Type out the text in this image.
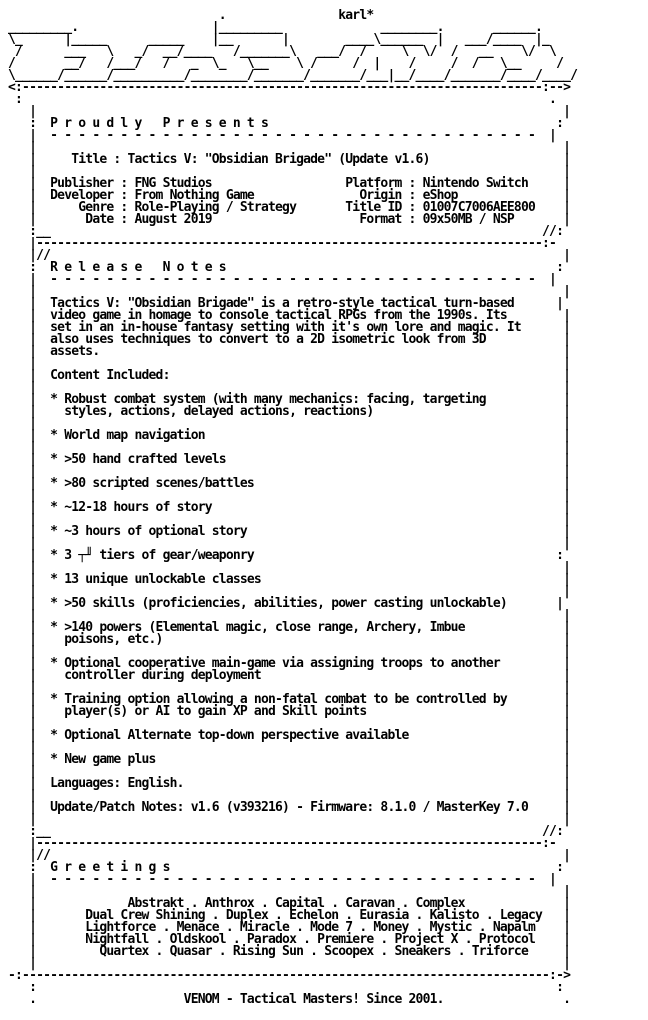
.                karl*
_________.                   |_________              ________.       ______.
\_      |_____      _____    |__       |        ____\______  |   ___/____  |_
/      ___   \   _/  __/____   /_______\   ___/  /     \  \/  /   __    \/  \
/       __/   /___/   /   _  \_   \__    \ /     /  |    /     /  /   \__     /
\______/______/__________/________/_______/_______/___|__/____/_______/____/____/
<:--------------------------------------------------------------------------:-->
:                                                                           .
|                                                                           |
:  P r o u d l y   P r e s e n t s                                         :
|  - - - - - - - - - - - - - - - - - - - - - - - - - - - - - - - - - - -  |
|                                                                           |
|     Title : Tactics V: "Obsidian Brigade" (Update v1.6)                   |
|                                                                           |
|  Publisher : FNG Studios                   Platform : Nintendo Switch     |
|  Developer : From Nothing Game               Origin : eShop               |
|      Genre : Role-Playing / Strategy       Title ID : 01007C7006AEE800    |
|       Date : August 2019                     Format : 09x50MB / NSP       |
:__                                                                      //:
|------------------------------------------------------------------------:-
|//                                                                         |
:  R e l e a s e   N o t e s                                               :
|  - - - - - - - - - - - - - - - - - - - - - - - - - - - - - - - - - - -  |
|                                                                           |
|  Tactics V: "Obsidian Brigade" is a retro-style tactical turn-based      |
|  video game in homage to console tactical RPGs from the 1990s. Its        |
|  set in an in-house fantasy setting with it's own lore and magic. It      |
|  also uses techniques to convert to a 2D isometric look from 3D           |
|  assets.                                                                  |
|                                                                           |
|  Content Included:                                                        |
|                                                                           |
|  * Robust combat system (with many mechanics: facing, targeting           |
|    styles, actions, delayed actions, reactions)                           |
|                                                                           |
|  * World map navigation                                                   |
|                                                                           |
|  * >50 hand crafted levels                                                |
|                                                                           |
|  * >80 scripted scenes/battles                                            |
|                                                                           |
|  * ~12-18 hours of story                                                  |
|                                                                           |
|  * ~3 hours of optional story                                             |
|                                                                           |
|  * 3 ┬╜ tiers of gear/weaponry                                           :
|                                                                           |
|  * 13 unique unlockable classes                                           |
|                                                                           |
|  * >50 skills (proficiencies, abilities, power casting unlockable)       |
|                                                                           |
|  * >140 powers (Elemental magic, close range, Archery, Imbue              |
|    poisons, etc.)                                                         |
|                                                                           |
|  * Optional cooperative main-game via assigning troops to another         |
|    controller during deployment                                           |
|                                                                           |
|  * Training option allowing a non-fatal combat to be controlled by        |
|    player(s) or AI to gain XP and Skill points                            |
|                                                                           |
|  * Optional Alternate top-down perspective available                      |
|                                                                           |
|  * New game plus                                                          |
|                                                                           |
|  Languages: English.                                                      |
|                                                                           |
|  Update/Patch Notes: v1.6 (v393216) - Firmware: 8.1.0 / MasterKey 7.0     |
|                                                                           |
:__                                                                      //:
|------------------------------------------------------------------------:-
|//                                                                         |
:  G r e e t i n g s                                                       :
|  - - - - - - - - - - - - - - - - - - - - - - - - - - - - - - - - - - -  |
|                                                                           |
|             Abstrakt . Anthrox . Capital . Caravan . Complex              |
|       Dual Crew Shining . Duplex . Echelon . Eurasia . Kalisto . Legacy   |
|       Lightforce . Menace . Miracle . Mode 7 . Money . Mystic . Napalm    |
|       Nightfall . Oldskool . Paradox . Premiere . Project X . Protocol    |
|         Quartex . Quasar . Rising Sun . Scoopex . Sneakers . Triforce     |
|                                                                           |
-:---------------------------------------------------------------------------:->
:                                                                          :
.                     VENOM - Tactical Masters! Since 2001.                 .
